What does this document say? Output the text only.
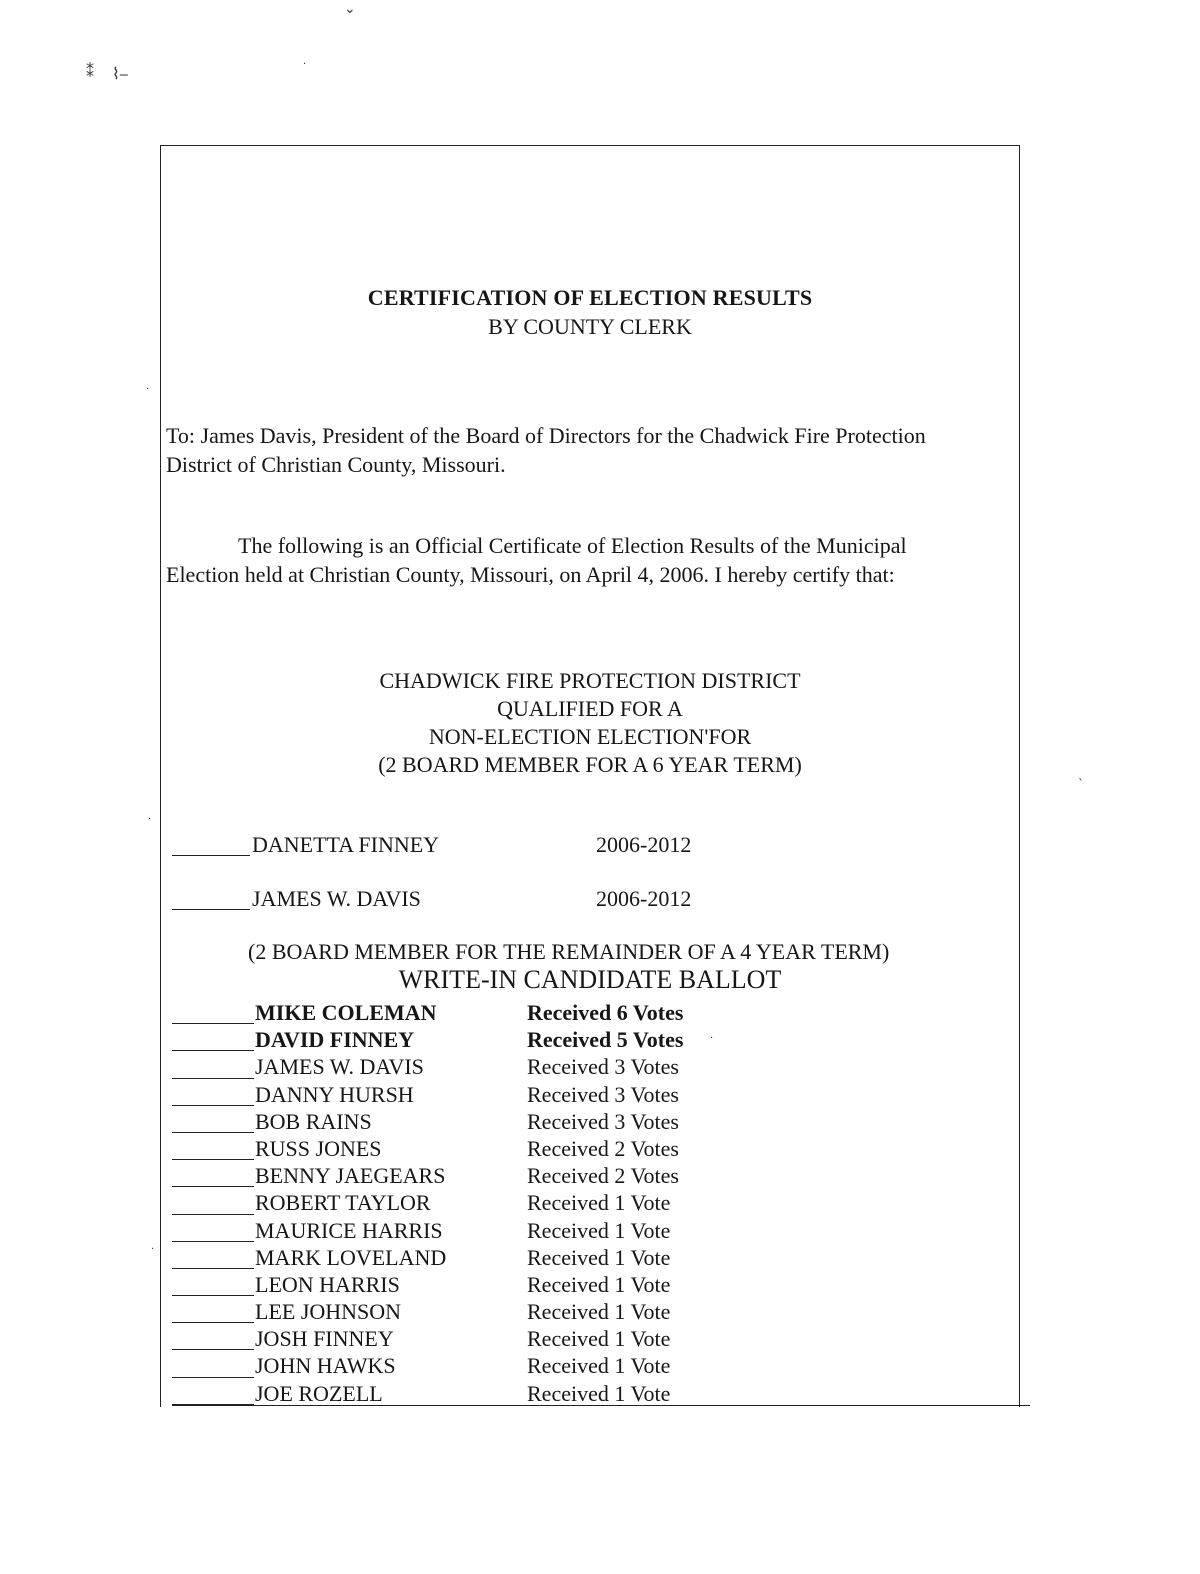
⌄
⁑ ⌇⎯	·
·
·
ˋ
·
·
CERTIFICATION OF ELECTION RESULTS

BY COUNTY CLERK

To: James Davis, President of the Board of Directors for the Chadwick Fire Protection
District of Christian County, Missouri.
The following is an Official Certificate of Election Results of the Municipal
Election held at Christian County, Missouri, on April 4, 2006. I hereby certify that:
CHADWICK FIRE PROTECTION DISTRICT
QUALIFIED FOR A
NON-ELECTION ELECTION'FOR
(2 BOARD MEMBER FOR A 6 YEAR TERM)
DANETTA FINNEY	2006-2012
JAMES W. DAVIS	2006-2012

(2 BOARD MEMBER FOR THE REMAINDER OF A 4 YEAR TERM)

WRITE-IN CANDIDATE BALLOT

MIKE COLEMAN	Received 6 Votes
DAVID FINNEY	Received 5 Votes
JAMES W. DAVIS	Received 3 Votes
DANNY HURSH	Received 3 Votes
BOB RAINS	Received 3 Votes
RUSS JONES	Received 2 Votes
BENNY JAEGEARS	Received 2 Votes
ROBERT TAYLOR	Received 1 Vote
MAURICE HARRIS	Received 1 Vote
MARK LOVELAND	Received 1 Vote
LEON HARRIS	Received 1 Vote
LEE JOHNSON	Received 1 Vote
JOSH FINNEY	Received 1 Vote
JOHN HAWKS	Received 1 Vote
JOE ROZELL	Received 1 Vote
